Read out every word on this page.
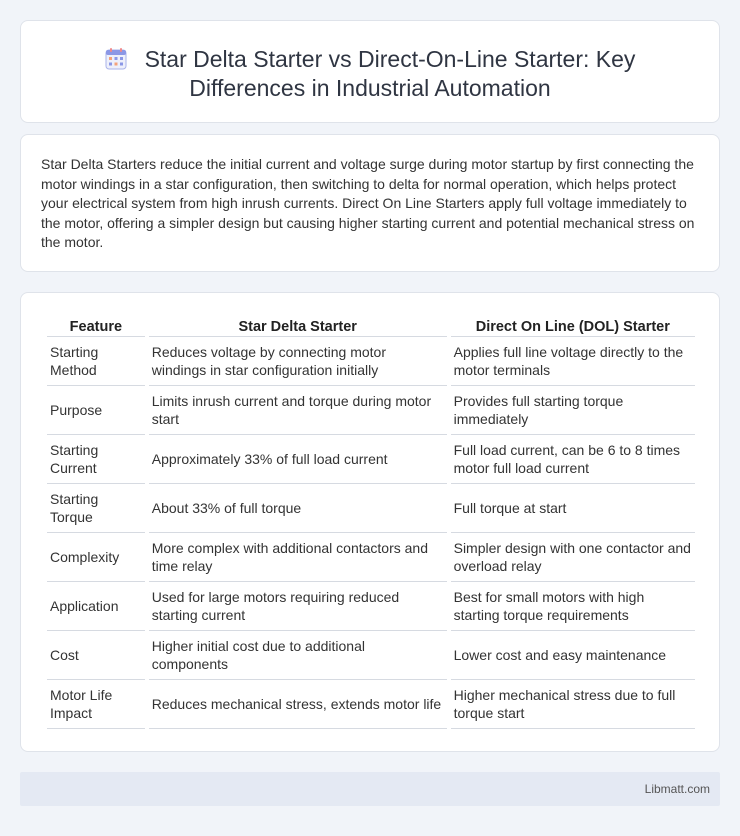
Star Delta Starter vs Direct-On-Line Starter: Key Differences in Industrial Automation

Star Delta Starters reduce the initial current and voltage surge during motor startup by first connecting the motor windings in a star configuration, then switching to delta for normal operation, which helps protect your electrical system from high inrush currents. Direct On Line Starters apply full voltage immediately to the motor, offering a simpler design but causing higher starting current and potential mechanical stress on the motor.

Feature	Star Delta Starter	Direct On Line (DOL) Starter
Starting Method	Reduces voltage by connecting motor windings in star configuration initially	Applies full line voltage directly to the motor terminals
Purpose	Limits inrush current and torque during motor start	Provides full starting torque immediately
Starting Current	Approximately 33% of full load current	Full load current, can be 6 to 8 times motor full load current
Starting Torque	About 33% of full torque	Full torque at start
Complexity	More complex with additional contactors and time relay	Simpler design with one contactor and overload relay
Application	Used for large motors requiring reduced starting current	Best for small motors with high starting torque requirements
Cost	Higher initial cost due to additional components	Lower cost and easy maintenance
Motor Life Impact	Reduces mechanical stress, extends motor life	Higher mechanical stress due to full torque start
Libmatt.com
